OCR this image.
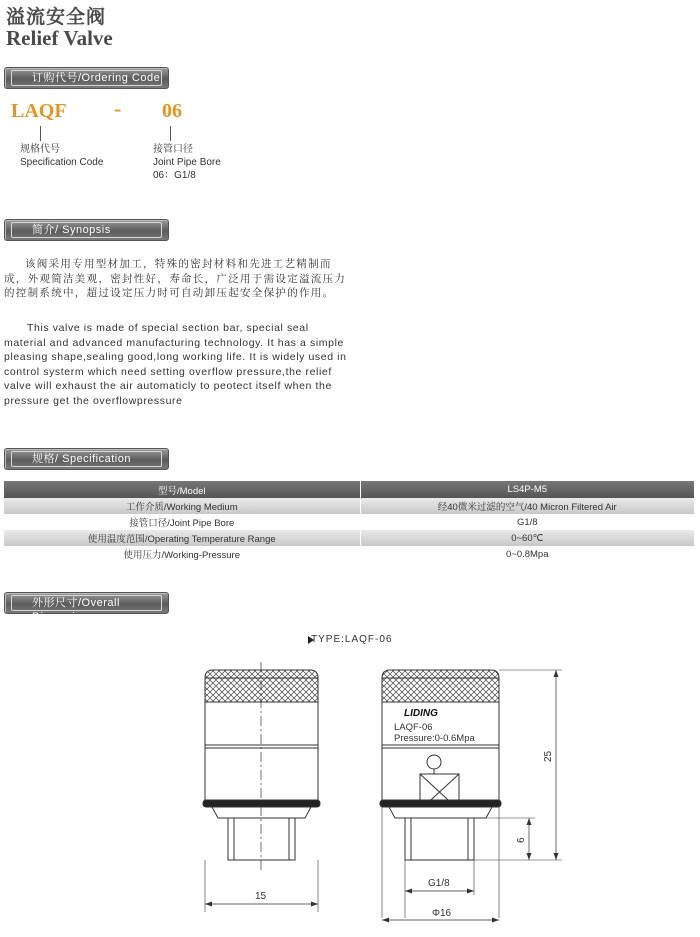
溢流安全阀
Relief Valve
订购代号/Ordering Code
LAQF - 06
规格代号
Specification Code
接管口径
Joint Pipe Bore
06：G1/8
简介/ Synopsis
该阀采用专用型材加工，特殊的密封材料和先进工艺精制而成，外观简洁美观，密封性好，寿命长，广泛用于需设定溢流压力的控制系统中，超过设定压力时可自动卸压起安全保护的作用。
This valve is made of special section bar, special seal material and advanced manufacturing technology. It has a simple pleasing shape,sealing good,long working life. It is widely used in control systerm which need setting overflow pressure,the relief valve will exhaust the air automaticly to peotect itself when the pressure get the overflowpressure
规格/ Specification
型号/Model	LS4P-M5
工作介质/Working Medium	经40微米过滤的空气/40 Micron Filtered Air
接管口径/Joint Pipe Bore	G1/8
使用温度范围/Operating Temperature Range	0~60℃
使用压力/Working-Pressure	0~0.8Mpa
外形尺寸/Overall Dimension
TYPE:LAQF-06
15
LIDING
LAQF-06
Pressure:0-0.6Mpa
G1/8
Φ16
25
6
